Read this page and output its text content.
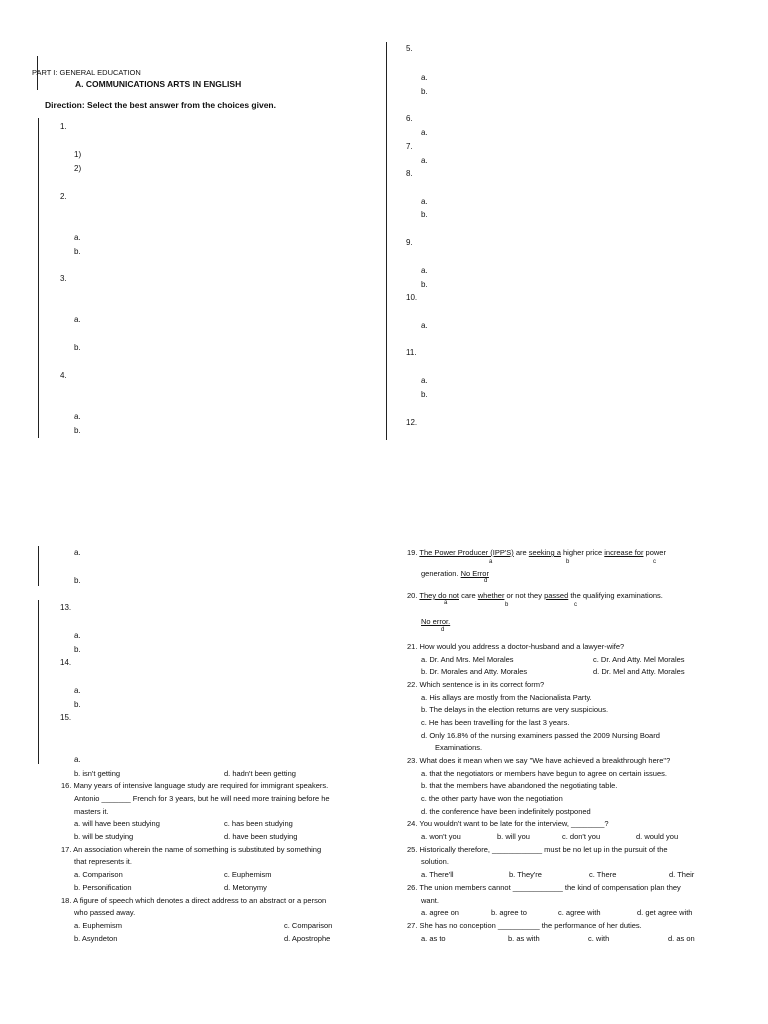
PART I: GENERAL EDUCATION
A. COMMUNICATIONS ARTS IN ENGLISH
Direction: Select the best answer from the choices given.
1.
1)
2)
2.
a.
b.
3.
a.
b.
4.
a.
b.
5.
a.
b.
6.
a.
7.
a.
8.
a.
b.
9.
a.
b.
10.
a.
11.
a.
b.
12.
a.
b.
13.
a.
b.
14.
a.
b.
15.
a.
b. isn't getting	d. hadn't been getting
16. Many years of intensive language study are required for immigrant speakers.
Antonio _______ French for 3 years, but he will need more training before he
masters it.
a. will have been studying	c. has been studying
b. will be studying	d. have been studying
17. An association wherein the name of something is substituted by something
that represents it.
a. Comparison	c. Euphemism
b. Personification	d. Metonymy
18. A figure of speech which denotes a direct address to an abstract or a person
who passed away.
a. Euphemism	c. Comparison
b. Asyndeton	d. Apostrophe
19. The Power Producer (IPP'S) are seeking a higher price increase for power
a	b	c
generation. No Error
d
20. They do not care whether or not they passed the qualifying examinations.
a	b	c
No error.
d
21. How would you address a doctor-husband and a lawyer-wife?
a. Dr. And Mrs. Mel Morales	c. Dr. And Atty. Mel Morales
b. Dr. Morales and Atty. Morales	d. Dr. Mel and Atty. Morales
22. Which sentence is in its correct form?
a. His allays are mostly from the Nacionalista Party.
b. The delays in the election returns are very suspicious.
c. He has been travelling for the last 3 years.
d. Only 16.8% of the nursing examiners passed the 2009 Nursing Board
Examinations.
23. What does it mean when we say "We have achieved a breakthrough here"?
a. that the negotiators or members have begun to agree on certain issues.
b. that the members have abandoned the negotiating table.
c. the other party have won the negotiation
d. the conference have been indefinitely postponed
24. You wouldn't want to be late for the interview, ________?
a. won't you	b. will you	c. don't you	d. would you
25. Historically therefore, ____________ must be no let up in the pursuit of the
solution.
a. There'll	b. They're	c. There	d. Their
26. The union members cannot ____________ the kind of compensation plan they
want.
a. agree on	b. agree to	c. agree with	d. get agree with
27. She has no conception __________ the performance of her duties.
a. as to	b. as with	c. with	d. as on
